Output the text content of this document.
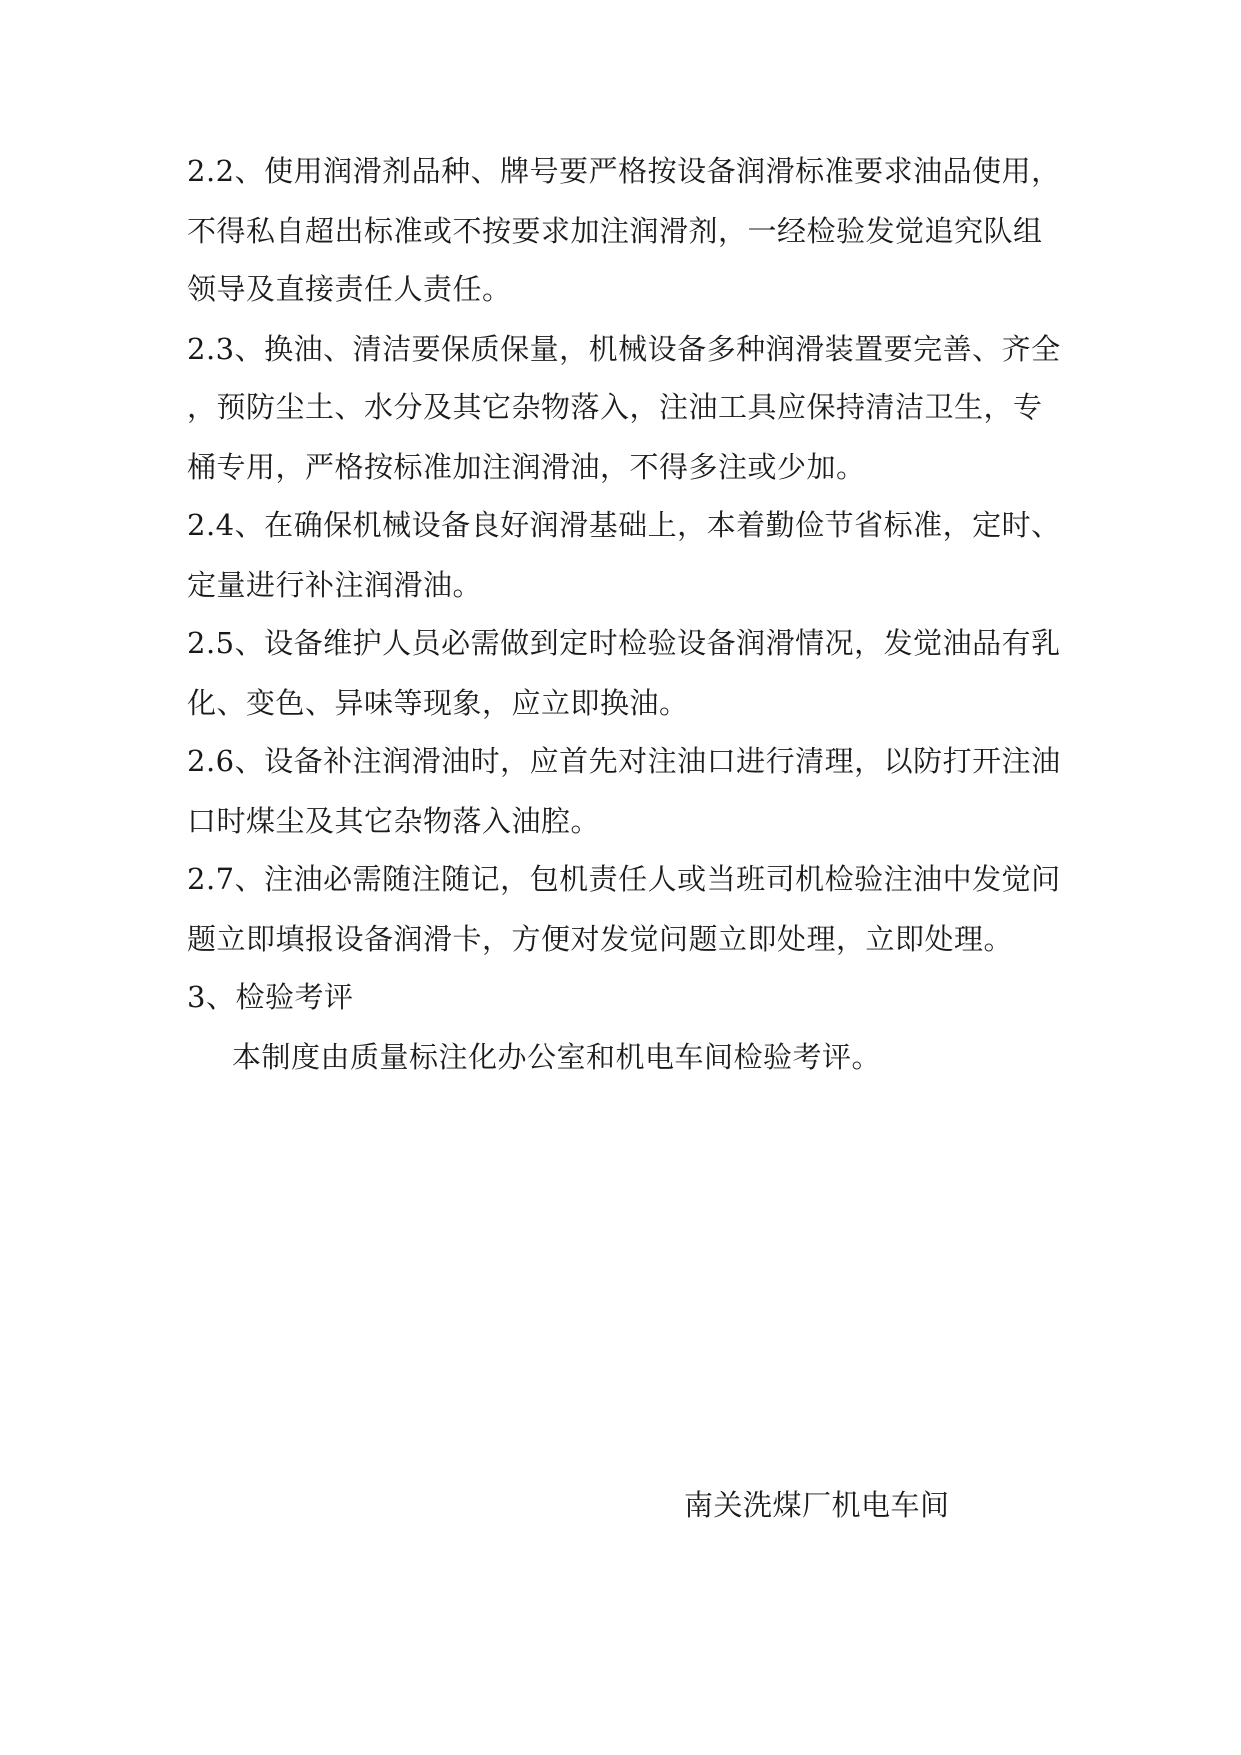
2.2、使用润滑剂品种、牌号要严格按设备润滑标准要求油品使用，
不得私自超出标准或不按要求加注润滑剂，一经检验发觉追究队组
领导及直接责任人责任。
2.3、换油、清洁要保质保量，机械设备多种润滑装置要完善、齐全
，预防尘土、水分及其它杂物落入，注油工具应保持清洁卫生，专
桶专用，严格按标准加注润滑油，不得多注或少加。
2.4、在确保机械设备良好润滑基础上，本着勤俭节省标准，定时、
定量进行补注润滑油。
2.5、设备维护人员必需做到定时检验设备润滑情况，发觉油品有乳
化、变色、异味等现象，应立即换油。
2.6、设备补注润滑油时，应首先对注油口进行清理，以防打开注油
口时煤尘及其它杂物落入油腔。
2.7、注油必需随注随记，包机责任人或当班司机检验注油中发觉问
题立即填报设备润滑卡，方便对发觉问题立即处理，立即处理。
3、检验考评
本制度由质量标注化办公室和机电车间检验考评。
南关洗煤厂机电车间
